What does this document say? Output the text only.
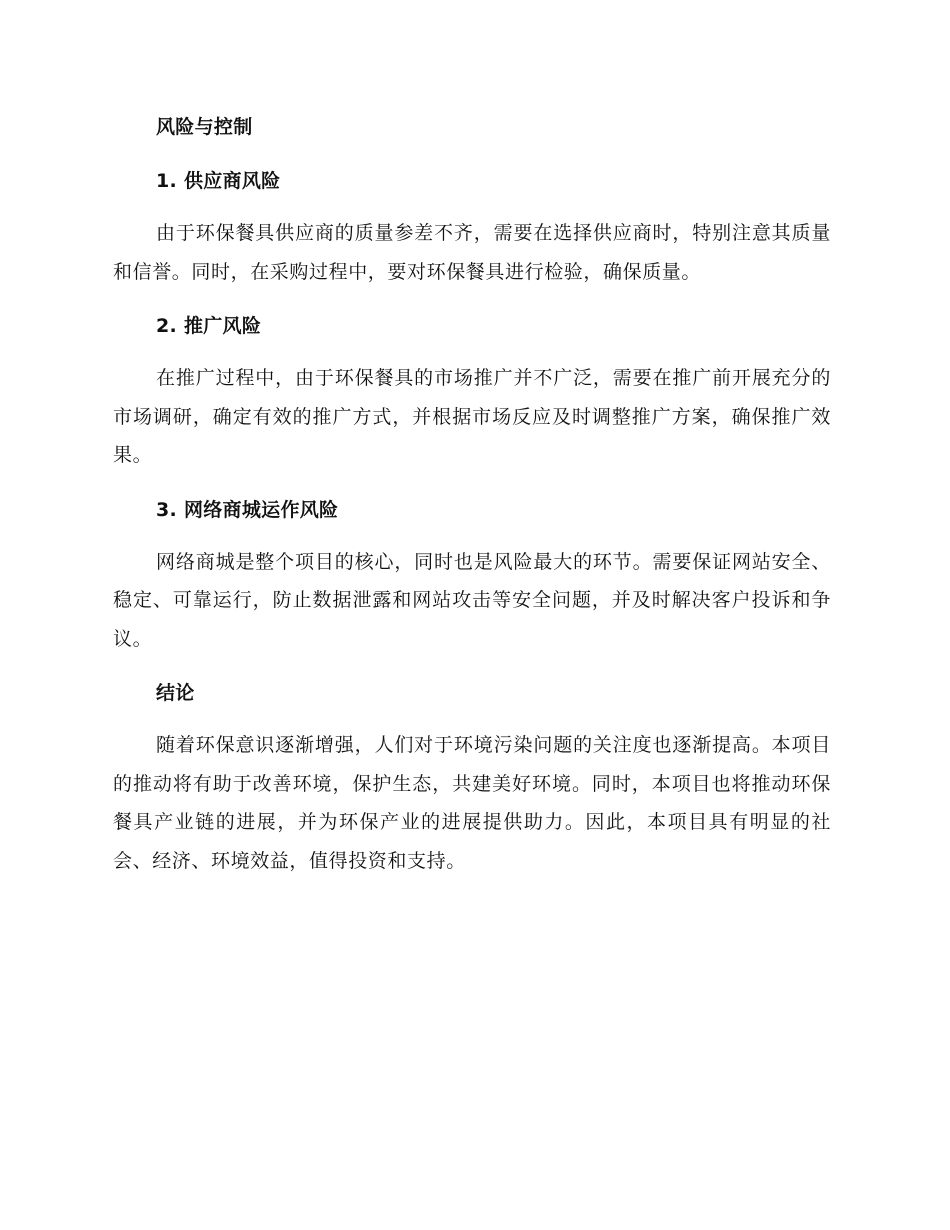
风险与控制
1. 供应商风险

由于环保餐具供应商的质量参差不齐，需要在选择供应商时，特别注意其质量和信誉。同时，在采购过程中，要对环保餐具进行检验，确保质量。

2. 推广风险

在推广过程中，由于环保餐具的市场推广并不广泛，需要在推广前开展充分的市场调研，确定有效的推广方式，并根据市场反应及时调整推广方案，确保推广效果。

3. 网络商城运作风险

网络商城是整个项目的核心，同时也是风险最大的环节。需要保证网站安全、稳定、可靠运行，防止数据泄露和网站攻击等安全问题，并及时解决客户投诉和争议。

结论

随着环保意识逐渐增强，人们对于环境污染问题的关注度也逐渐提高。本项目的推动将有助于改善环境，保护生态，共建美好环境。同时，本项目也将推动环保餐具产业链的进展，并为环保产业的进展提供助力。因此，本项目具有明显的社会、经济、环境效益，值得投资和支持。
